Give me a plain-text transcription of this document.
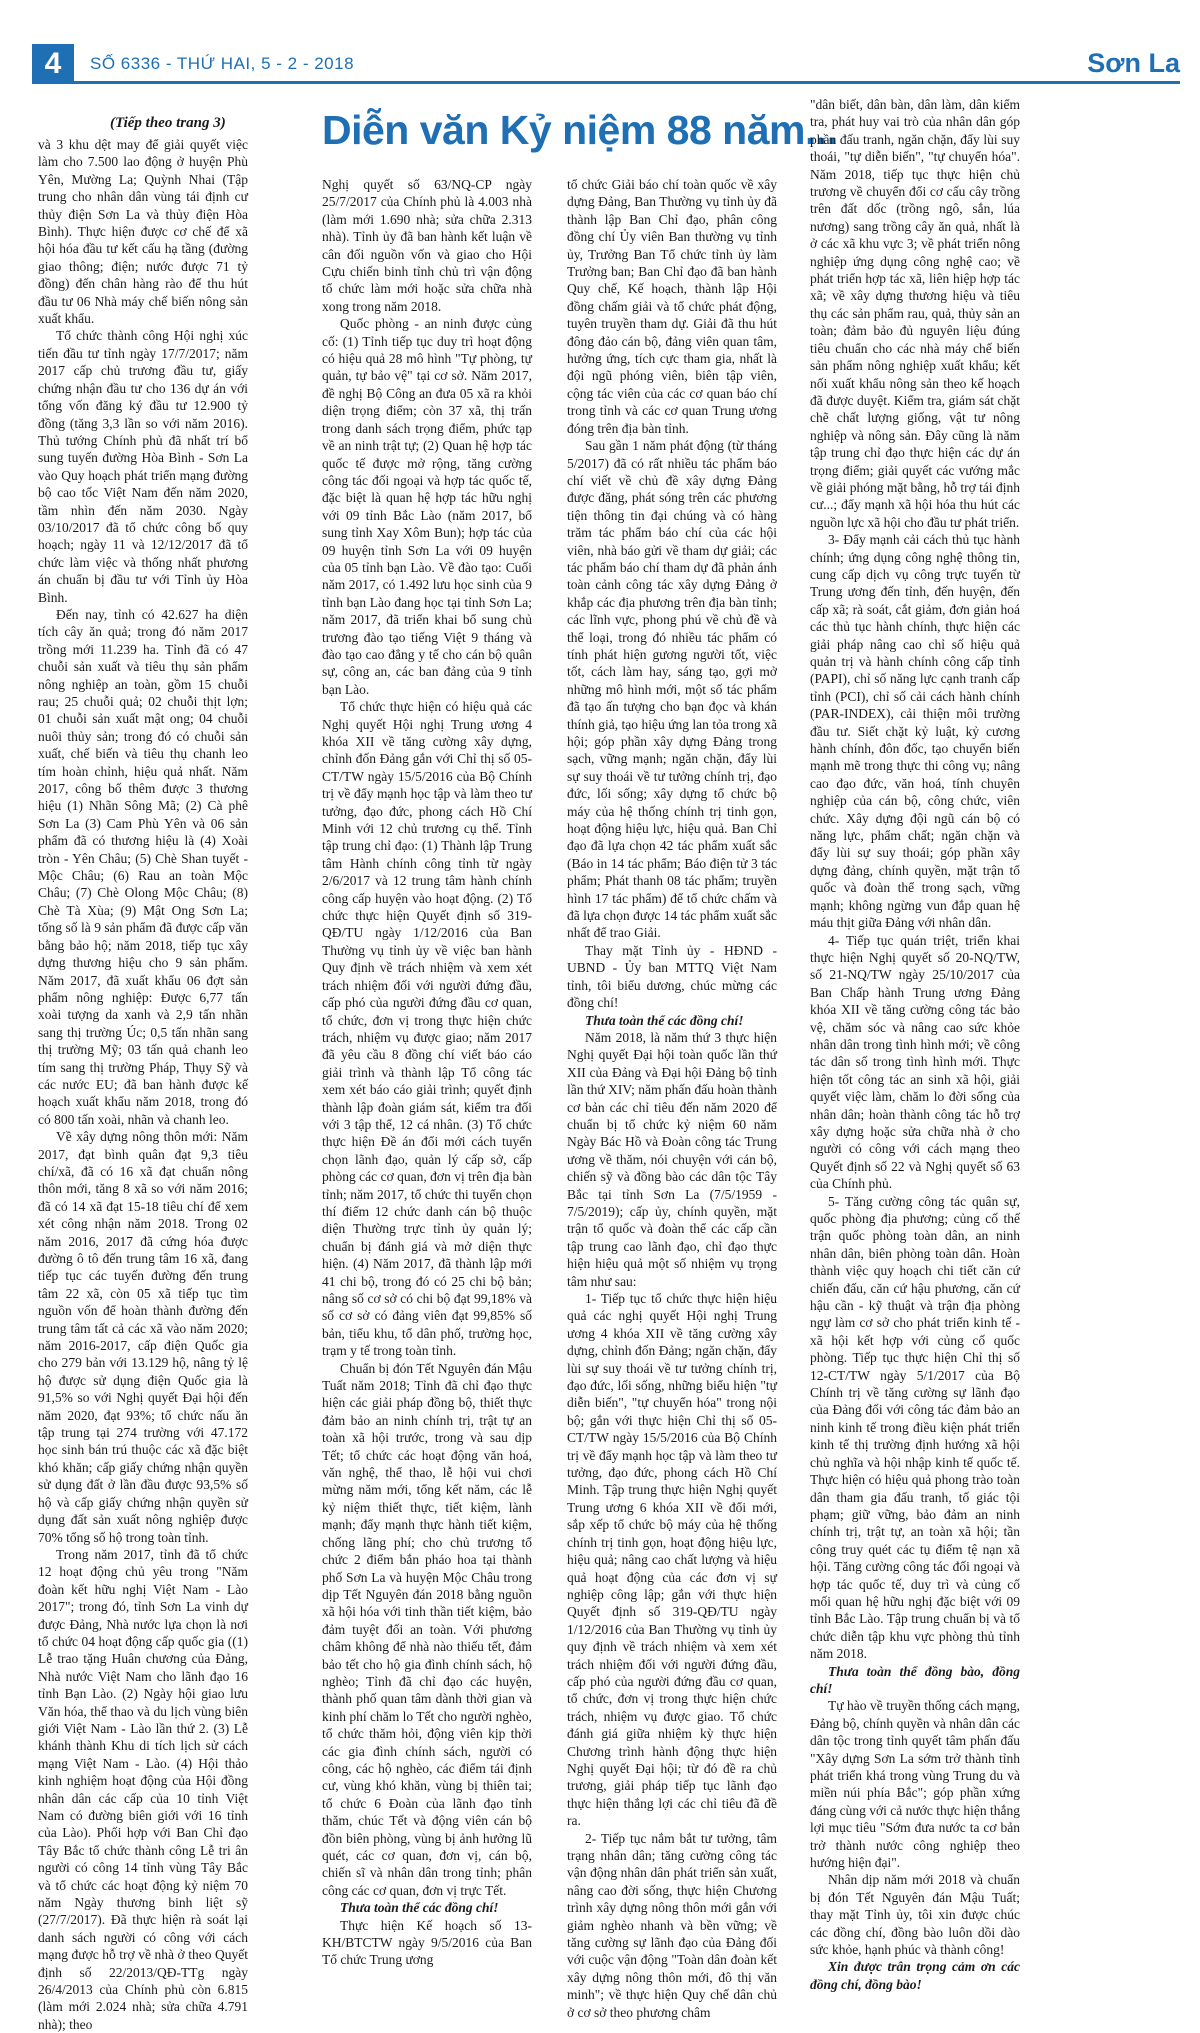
4	SỐ 6336 - THỨ HAI, 5 - 2 - 2018	Sơn La
(Tiếp theo trang 3) Diễn văn Kỷ niệm 88 năm...

và 3 khu dệt may để giải quyết việc làm cho 7.500 lao động ở huyện Phù Yên, Mường La; Quỳnh Nhai (Tập trung cho nhân dân vùng tái định cư thủy điện Sơn La và thủy điện Hòa Bình). Thực hiện được cơ chế để xã hội hóa đầu tư kết cấu hạ tầng (đường giao thông; điện; nước được 71 tỷ đồng) đến chân hàng rào để thu hút đầu tư 06 Nhà máy chế biến nông sản xuất khẩu.

Tổ chức thành công Hội nghị xúc tiến đầu tư tỉnh ngày 17/7/2017; năm 2017 cấp chủ trương đầu tư, giấy chứng nhận đầu tư cho 136 dự án với tổng vốn đăng ký đầu tư 12.900 tỷ đồng (tăng 3,3 lần so với năm 2016). Thủ tướng Chính phủ đã nhất trí bổ sung tuyến đường Hòa Bình - Sơn La vào Quy hoạch phát triển mạng đường bộ cao tốc Việt Nam đến năm 2020, tầm nhìn đến năm 2030. Ngày 03/10/2017 đã tổ chức công bố quy hoạch; ngày 11 và 12/12/2017 đã tổ chức làm việc và thống nhất phương án chuẩn bị đầu tư với Tỉnh ủy Hòa Bình.

Đến nay, tỉnh có 42.627 ha diện tích cây ăn quả; trong đó năm 2017 trồng mới 11.239 ha. Tỉnh đã có 47 chuỗi sản xuất và tiêu thụ sản phẩm nông nghiệp an toàn, gồm 15 chuỗi rau; 25 chuỗi quả; 02 chuỗi thịt lợn; 01 chuỗi sản xuất mật ong; 04 chuỗi nuôi thủy sản; trong đó có chuỗi sản xuất, chế biến và tiêu thụ chanh leo tím hoàn chỉnh, hiệu quả nhất. Năm 2017, công bố thêm được 3 thương hiệu (1) Nhãn Sông Mã; (2) Cà phê Sơn La (3) Cam Phù Yên và 06 sản phẩm đã có thương hiệu là (4) Xoài tròn - Yên Châu; (5) Chè Shan tuyết - Mộc Châu; (6) Rau an toàn Mộc Châu; (7) Chè Olong Mộc Châu; (8) Chè Tà Xùa; (9) Mật Ong Sơn La; tổng số là 9 sản phẩm đã được cấp văn bằng bảo hộ; năm 2018, tiếp tục xây dựng thương hiệu cho 9 sản phẩm. Năm 2017, đã xuất khẩu 06 đợt sản phẩm nông nghiệp: Được 6,77 tấn xoài tượng da xanh và 2,9 tấn nhãn sang thị trường Úc; 0,5 tấn nhãn sang thị trường Mỹ; 03 tấn quả chanh leo tím sang thị trường Pháp, Thụy Sỹ và các nước EU; đã ban hành được kế hoạch xuất khẩu năm 2018, trong đó có 800 tấn xoài, nhãn và chanh leo.

Về xây dựng nông thôn mới: Năm 2017, đạt bình quân đạt 9,3 tiêu chí/xã, đã có 16 xã đạt chuẩn nông thôn mới, tăng 8 xã so với năm 2016; đã có 14 xã đạt 15-18 tiêu chí để xem xét công nhận năm 2018. Trong 02 năm 2016, 2017 đã cứng hóa được đường ô tô đến trung tâm 16 xã, đang tiếp tục các tuyến đường đến trung tâm 22 xã, còn 05 xã tiếp tục tìm nguồn vốn để hoàn thành đường đến trung tâm tất cả các xã vào năm 2020; năm 2016-2017, cấp điện Quốc gia cho 279 bản với 13.129 hộ, nâng tỷ lệ hộ được sử dụng điện Quốc gia là 91,5% so với Nghị quyết Đại hội đến năm 2020, đạt 93%; tổ chức nấu ăn tập trung tại 274 trường với 47.172 học sinh bán trú thuộc các xã đặc biệt khó khăn; cấp giấy chứng nhận quyền sử dụng đất ở lần đầu được 93,5% số hộ và cấp giấy chứng nhận quyền sử dụng đất sản xuất nông nghiệp được 70% tổng số hộ trong toàn tỉnh.

Trong năm 2017, tỉnh đã tổ chức 12 hoạt động chủ yêu trong "Năm đoàn kết hữu nghị Việt Nam - Lào 2017"; trong đó, tỉnh Sơn La vinh dự được Đảng, Nhà nước lựa chọn là nơi tổ chức 04 hoạt động cấp quốc gia ((1) Lễ trao tặng Huân chương của Đảng, Nhà nước Việt Nam cho lãnh đạo 16 tỉnh Bạn Lào. (2) Ngày hội giao lưu Văn hóa, thể thao và du lịch vùng biên giới Việt Nam - Lào lần thứ 2. (3) Lễ khánh thành Khu di tích lịch sử cách mạng Việt Nam - Lào. (4) Hội thảo kinh nghiệm hoạt động của Hội đồng nhân dân các cấp của 10 tỉnh Việt Nam có đường biên giới với 16 tỉnh của Lào). Phối hợp với Ban Chỉ đạo Tây Bắc tổ chức thành công Lễ tri ân người có công 14 tỉnh vùng Tây Bắc và tổ chức các hoạt động kỷ niệm 70 năm Ngày thương binh liệt sỹ (27/7/2017). Đã thực hiện rà soát lại danh sách người có công với cách mạng được hỗ trợ về nhà ở theo Quyết định số 22/2013/QĐ-TTg ngày 26/4/2013 của Chính phủ còn 6.815 (làm mới 2.024 nhà; sửa chữa 4.791 nhà); theo

Nghị quyết số 63/NQ-CP ngày 25/7/2017 của Chính phủ là 4.003 nhà (làm mới 1.690 nhà; sửa chữa 2.313 nhà). Tỉnh ủy đã ban hành kết luận về cân đối nguồn vốn và giao cho Hội Cựu chiến binh tỉnh chủ trì vận động tổ chức làm mới hoặc sửa chữa nhà xong trong năm 2018.

Quốc phòng - an ninh được củng cố: (1) Tỉnh tiếp tục duy trì hoạt động có hiệu quả 28 mô hình "Tự phòng, tự quản, tự bảo vệ" tại cơ sở. Năm 2017, đề nghị Bộ Công an đưa 05 xã ra khỏi diện trọng điểm; còn 37 xã, thị trấn trong danh sách trọng điểm, phức tạp về an ninh trật tự; (2) Quan hệ hợp tác quốc tế được mở rộng, tăng cường công tác đối ngoại và hợp tác quốc tế, đặc biệt là quan hệ hợp tác hữu nghị với 09 tỉnh Bắc Lào (năm 2017, bổ sung tỉnh Xay Xôm Bun); hợp tác của 09 huyện tỉnh Sơn La với 09 huyện của 05 tỉnh bạn Lào. Về đào tạo: Cuối năm 2017, có 1.492 lưu học sinh của 9 tỉnh bạn Lào đang học tại tỉnh Sơn La; năm 2017, đã triển khai bổ sung chủ trương đào tạo tiếng Việt 9 tháng và đào tạo cao đẳng y tế cho cán bộ quân sự, công an, các ban đảng của 9 tỉnh bạn Lào.

Tổ chức thực hiện có hiệu quả các Nghị quyết Hội nghị Trung ương 4 khóa XII về tăng cường xây dựng, chỉnh đốn Đảng gắn với Chỉ thị số 05-CT/TW ngày 15/5/2016 của Bộ Chính trị về đẩy mạnh học tập và làm theo tư tưởng, đạo đức, phong cách Hồ Chí Minh với 12 chủ trương cụ thể. Tỉnh tập trung chỉ đạo: (1) Thành lập Trung tâm Hành chính công tỉnh từ ngày 2/6/2017 và 12 trung tâm hành chính công cấp huyện vào hoạt động. (2) Tổ chức thực hiện Quyết định số 319-QĐ/TU ngày 1/12/2016 của Ban Thường vụ tỉnh ủy về việc ban hành Quy định về trách nhiệm và xem xét trách nhiệm đối với người đứng đầu, cấp phó của người đứng đầu cơ quan, tổ chức, đơn vị trong thực hiện chức trách, nhiệm vụ được giao; năm 2017 đã yêu cầu 8 đồng chí viết báo cáo giải trình và thành lập Tổ công tác xem xét báo cáo giải trình; quyết định thành lập đoàn giám sát, kiểm tra đối với 3 tập thể, 12 cá nhân. (3) Tổ chức thực hiện Đề án đổi mới cách tuyển chọn lãnh đạo, quản lý cấp sở, cấp phòng các cơ quan, đơn vị trên địa bàn tỉnh; năm 2017, tổ chức thi tuyển chọn thí điểm 12 chức danh cán bộ thuộc diện Thường trực tỉnh ủy quản lý; chuẩn bị đánh giá và mở diện thực hiện. (4) Năm 2017, đã thành lập mới 41 chi bộ, trong đó có 25 chi bộ bản; nâng số cơ sở có chi bộ đạt 99,18% và số cơ sở có đảng viên đạt 99,85% số bản, tiểu khu, tổ dân phố, trường học, trạm y tế trong toàn tỉnh.

Chuẩn bị đón Tết Nguyên đán Mậu Tuất năm 2018; Tỉnh đã chỉ đạo thực hiện các giải pháp đồng bộ, thiết thực đảm bảo an ninh chính trị, trật tự an toàn xã hội trước, trong và sau dịp Tết; tổ chức các hoạt động văn hoá, văn nghệ, thể thao, lễ hội vui chơi mừng năm mới, tổng kết năm, các lễ kỷ niệm thiết thực, tiết kiệm, lành mạnh; đẩy mạnh thực hành tiết kiệm, chống lãng phí; cho chủ trương tổ chức 2 điểm bắn pháo hoa tại thành phố Sơn La và huyện Mộc Châu trong dịp Tết Nguyên đán 2018 bằng nguồn xã hội hóa với tinh thần tiết kiệm, bảo đảm tuyệt đối an toàn. Với phương châm không để nhà nào thiếu tết, đảm bảo tết cho hộ gia đình chính sách, hộ nghèo; Tỉnh đã chỉ đạo các huyện, thành phố quan tâm dành thời gian và kinh phí chăm lo Tết cho người nghèo, tổ chức thăm hỏi, động viên kịp thời các gia đình chính sách, người có công, các hộ nghèo, các điểm tái định cư, vùng khó khăn, vùng bị thiên tai; tổ chức 6 Đoàn của lãnh đạo tỉnh thăm, chúc Tết và động viên cán bộ đồn biên phòng, vùng bị ảnh hưởng lũ quét, các cơ quan, đơn vị, cán bộ, chiến sĩ và nhân dân trong tỉnh; phân công các cơ quan, đơn vị trực Tết.

Thưa toàn thể các đồng chí!

Thực hiện Kế hoạch số 13-KH/BTCTW ngày 9/5/2016 của Ban Tổ chức Trung ương

tổ chức Giải báo chí toàn quốc về xây dựng Đảng, Ban Thường vụ tỉnh ủy đã thành lập Ban Chỉ đạo, phân công đồng chí Ủy viên Ban thường vụ tỉnh ủy, Trưởng Ban Tổ chức tỉnh ủy làm Trưởng ban; Ban Chỉ đạo đã ban hành Quy chế, Kế hoạch, thành lập Hội đồng chấm giải và tổ chức phát động, tuyên truyền tham dự. Giải đã thu hút đông đảo cán bộ, đảng viên quan tâm, hưởng ứng, tích cực tham gia, nhất là đội ngũ phóng viên, biên tập viên, cộng tác viên của các cơ quan báo chí trong tỉnh và các cơ quan Trung ương đóng trên địa bàn tỉnh.

Sau gần 1 năm phát động (từ tháng 5/2017) đã có rất nhiều tác phẩm báo chí viết về chủ đề xây dựng Đảng được đăng, phát sóng trên các phương tiện thông tin đại chúng và có hàng trăm tác phẩm báo chí của các hội viên, nhà báo gửi về tham dự giải; các tác phẩm báo chí tham dự đã phản ánh toàn cảnh công tác xây dựng Đảng ở khắp các địa phương trên địa bàn tỉnh; các lĩnh vực, phong phú về chủ đề và thể loại, trong đó nhiều tác phẩm có tính phát hiện gương người tốt, việc tốt, cách làm hay, sáng tạo, gợi mở những mô hình mới, một số tác phẩm đã tạo ấn tượng cho bạn đọc và khán thính giả, tạo hiệu ứng lan tỏa trong xã hội; góp phần xây dựng Đảng trong sạch, vững mạnh; ngăn chặn, đẩy lùi sự suy thoái về tư tưởng chính trị, đạo đức, lối sống; xây dựng tổ chức bộ máy của hệ thống chính trị tinh gọn, hoạt động hiệu lực, hiệu quả. Ban Chỉ đạo đã lựa chọn 42 tác phẩm xuất sắc (Báo in 14 tác phẩm; Báo điện tử 3 tác phẩm; Phát thanh 08 tác phẩm; truyền hình 17 tác phẩm) để tổ chức chấm và đã lựa chọn được 14 tác phẩm xuất sắc nhất để trao Giải.

Thay mặt Tỉnh ủy - HĐND - UBND - Ủy ban MTTQ Việt Nam tỉnh, tôi biểu dương, chúc mừng các đồng chí!

Thưa toàn thể các đồng chí!

Năm 2018, là năm thứ 3 thực hiện Nghị quyết Đại hội toàn quốc lần thứ XII của Đảng và Đại hội Đảng bộ tỉnh lần thứ XIV; năm phấn đấu hoàn thành cơ bản các chỉ tiêu đến năm 2020 để chuẩn bị tổ chức kỷ niệm 60 năm Ngày Bác Hồ và Đoàn công tác Trung ương về thăm, nói chuyện với cán bộ, chiến sỹ và đồng bào các dân tộc Tây Bắc tại tỉnh Sơn La (7/5/1959 - 7/5/2019); cấp ủy, chính quyền, mặt trận tổ quốc và đoàn thể các cấp cần tập trung cao lãnh đạo, chỉ đạo thực hiện hiệu quả một số nhiệm vụ trọng tâm như sau:

1- Tiếp tục tổ chức thực hiện hiệu quả các nghị quyết Hội nghị Trung ương 4 khóa XII về tăng cường xây dựng, chỉnh đốn Đảng; ngăn chặn, đẩy lùi sự suy thoái về tư tưởng chính trị, đạo đức, lối sống, những biểu hiện "tự diễn biến", "tự chuyển hóa" trong nội bộ; gắn với thực hiện Chỉ thị số 05-CT/TW ngày 15/5/2016 của Bộ Chính trị về đẩy mạnh học tập và làm theo tư tưởng, đạo đức, phong cách Hồ Chí Minh. Tập trung thực hiện Nghị quyết Trung ương 6 khóa XII về đổi mới, sắp xếp tổ chức bộ máy của hệ thống chính trị tinh gọn, hoạt động hiệu lực, hiệu quả; nâng cao chất lượng và hiệu quả hoạt động của các đơn vị sự nghiệp công lập; gắn với thực hiện Quyết định số 319-QĐ/TU ngày 1/12/2016 của Ban Thường vụ tỉnh ủy quy định về trách nhiệm và xem xét trách nhiệm đối với người đứng đầu, cấp phó của người đứng đầu cơ quan, tổ chức, đơn vị trong thực hiện chức trách, nhiệm vụ được giao. Tổ chức đánh giá giữa nhiệm kỳ thực hiện Chương trình hành động thực hiện Nghị quyết Đại hội; từ đó đề ra chủ trương, giải pháp tiếp tục lãnh đạo thực hiện thắng lợi các chỉ tiêu đã đề ra.

2- Tiếp tục nắm bắt tư tưởng, tâm trạng nhân dân; tăng cường công tác vận động nhân dân phát triển sản xuất, nâng cao đời sống, thực hiện Chương trình xây dựng nông thôn mới gắn với giảm nghèo nhanh và bền vững; về tăng cường sự lãnh đạo của Đảng đối với cuộc vận động "Toàn dân đoàn kết xây dựng nông thôn mới, đô thị văn minh"; về thực hiện Quy chế dân chủ ở cơ sở theo phương châm

"dân biết, dân bàn, dân làm, dân kiểm tra, phát huy vai trò của nhân dân góp phần đấu tranh, ngăn chặn, đẩy lùi suy thoái, "tự diễn biến", "tự chuyển hóa". Năm 2018, tiếp tục thực hiện chủ trương về chuyển đổi cơ cấu cây trồng trên đất dốc (trồng ngô, sắn, lúa nương) sang trồng cây ăn quả, nhất là ở các xã khu vực 3; về phát triển nông nghiệp ứng dụng công nghệ cao; về phát triển hợp tác xã, liên hiệp hợp tác xã; về xây dựng thương hiệu và tiêu thụ các sản phẩm rau, quả, thủy sản an toàn; đảm bảo đủ nguyên liệu đúng tiêu chuẩn cho các nhà máy chế biến sản phẩm nông nghiệp xuất khẩu; kết nối xuất khẩu nông sản theo kế hoạch đã được duyệt. Kiểm tra, giám sát chặt chẽ chất lượng giống, vật tư nông nghiệp và nông sản. Đây cũng là năm tập trung chỉ đạo thực hiện các dự án trọng điểm; giải quyết các vướng mắc về giải phóng mặt bằng, hỗ trợ tái định cư...; đẩy mạnh xã hội hóa thu hút các nguồn lực xã hội cho đầu tư phát triển.

3- Đẩy mạnh cải cách thủ tục hành chính; ứng dụng công nghệ thông tin, cung cấp dịch vụ công trực tuyến từ Trung ương đến tỉnh, đến huyện, đến cấp xã; rà soát, cắt giảm, đơn giản hoá các thủ tục hành chính, thực hiện các giải pháp nâng cao chỉ số hiệu quả quản trị và hành chính công cấp tỉnh (PAPI), chỉ số năng lực cạnh tranh cấp tỉnh (PCI), chỉ số cải cách hành chính (PAR-INDEX), cải thiện môi trường đầu tư. Siết chặt kỷ luật, kỷ cương hành chính, đôn đốc, tạo chuyển biến mạnh mẽ trong thực thi công vụ; nâng cao đạo đức, văn hoá, tính chuyên nghiệp của cán bộ, công chức, viên chức. Xây dựng đội ngũ cán bộ có năng lực, phẩm chất; ngăn chặn và đẩy lùi sự suy thoái; góp phần xây dựng đảng, chính quyền, mặt trận tổ quốc và đoàn thể trong sạch, vững mạnh; không ngừng vun đắp quan hệ máu thịt giữa Đảng với nhân dân.

4- Tiếp tục quán triệt, triển khai thực hiện Nghị quyết số 20-NQ/TW, số 21-NQ/TW ngày 25/10/2017 của Ban Chấp hành Trung ương Đảng khóa XII về tăng cường công tác bảo vệ, chăm sóc và nâng cao sức khỏe nhân dân trong tình hình mới; về công tác dân số trong tình hình mới. Thực hiện tốt công tác an sinh xã hội, giải quyết việc làm, chăm lo đời sống của nhân dân; hoàn thành công tác hỗ trợ xây dựng hoặc sửa chữa nhà ở cho người có công với cách mạng theo Quyết định số 22 và Nghị quyết số 63 của Chính phủ.

5- Tăng cường công tác quân sự, quốc phòng địa phương; củng cố thế trận quốc phòng toàn dân, an ninh nhân dân, biên phòng toàn dân. Hoàn thành việc quy hoạch chi tiết căn cứ chiến đấu, căn cứ hậu phương, căn cứ hậu cần - kỹ thuật và trận địa phòng ngự làm cơ sở cho phát triển kinh tế - xã hội kết hợp với củng cố quốc phòng. Tiếp tục thực hiện Chỉ thị số 12-CT/TW ngày 5/1/2017 của Bộ Chính trị về tăng cường sự lãnh đạo của Đảng đối với công tác đảm bảo an ninh kinh tế trong điều kiện phát triển kinh tế thị trường định hướng xã hội chủ nghĩa và hội nhập kinh tế quốc tế. Thực hiện có hiệu quả phong trào toàn dân tham gia đấu tranh, tố giác tội phạm; giữ vững, bảo đảm an ninh chính trị, trật tự, an toàn xã hội; tần công truy quét các tụ điểm tệ nạn xã hội. Tăng cường công tác đối ngoại và hợp tác quốc tế, duy trì và củng cố mối quan hệ hữu nghị đặc biệt với 09 tỉnh Bắc Lào. Tập trung chuẩn bị và tổ chức diễn tập khu vực phòng thủ tỉnh năm 2018.

Thưa toàn thể đồng bào, đồng chí!

Tự hào về truyền thống cách mạng, Đảng bộ, chính quyền và nhân dân các dân tộc trong tỉnh quyết tâm phấn đấu "Xây dựng Sơn La sớm trở thành tỉnh phát triển khá trong vùng Trung du và miền núi phía Bắc"; góp phần xứng đáng cùng với cả nước thực hiện thắng lợi mục tiêu "Sớm đưa nước ta cơ bản trở thành nước công nghiệp theo hướng hiện đại".

Nhân dịp năm mới 2018 và chuẩn bị đón Tết Nguyên đán Mậu Tuất; thay mặt Tỉnh ủy, tôi xin được chúc các đồng chí, đồng bào luôn dồi dào sức khỏe, hạnh phúc và thành công!

Xin được trân trọng cảm ơn các đồng chí, đồng bào!
